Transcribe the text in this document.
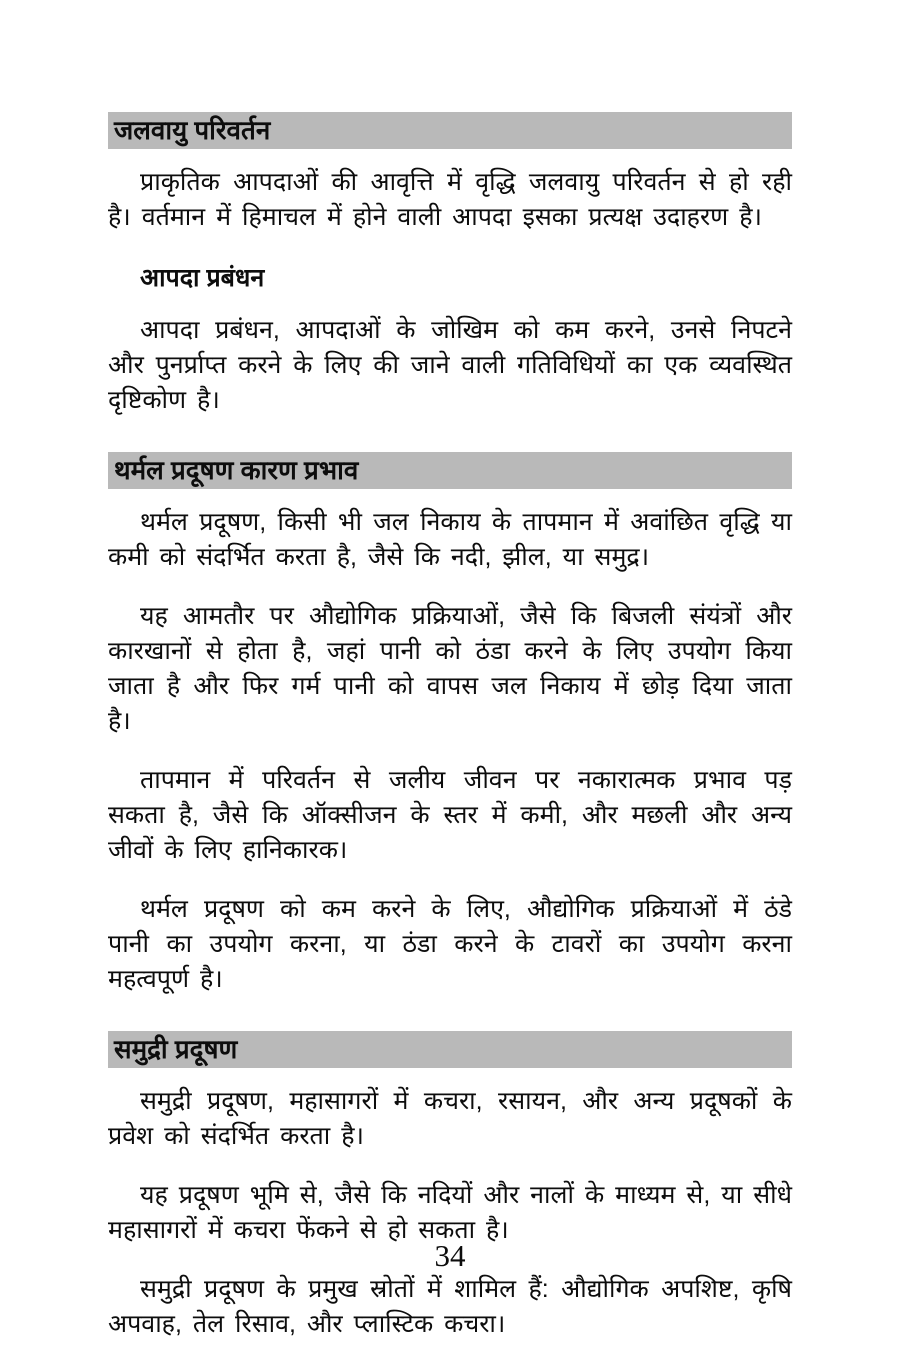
जलवायु परिवर्तन

प्राकृतिक आपदाओं की आवृत्ति में वृद्धि जलवायु परिवर्तन से हो रही है। वर्तमान में हिमाचल में होने वाली आपदा इसका प्रत्यक्ष उदाहरण है।

आपदा प्रबंधन

आपदा प्रबंधन, आपदाओं के जोखिम को कम करने, उनसे निपटने और पुनर्प्राप्त करने के लिए की जाने वाली गतिविधियों का एक व्यवस्थित दृष्टिकोण है।

थर्मल प्रदूषण कारण प्रभाव

थर्मल प्रदूषण, किसी भी जल निकाय के तापमान में अवांछित वृद्धि या कमी को संदर्भित करता है, जैसे कि नदी, झील, या समुद्र।

यह आमतौर पर औद्योगिक प्रक्रियाओं, जैसे कि बिजली संयंत्रों और कारखानों से होता है, जहां पानी को ठंडा करने के लिए उपयोग किया जाता है और फिर गर्म पानी को वापस जल निकाय में छोड़ दिया जाता है।

तापमान में परिवर्तन से जलीय जीवन पर नकारात्मक प्रभाव पड़ सकता है, जैसे कि ऑक्सीजन के स्तर में कमी, और मछली और अन्य जीवों के लिए हानिकारक।

थर्मल प्रदूषण को कम करने के लिए, औद्योगिक प्रक्रियाओं में ठंडे पानी का उपयोग करना, या ठंडा करने के टावरों का उपयोग करना महत्वपूर्ण है।

समुद्री प्रदूषण

समुद्री प्रदूषण, महासागरों में कचरा, रसायन, और अन्य प्रदूषकों के प्रवेश को संदर्भित करता है।

यह प्रदूषण भूमि से, जैसे कि नदियों और नालों के माध्यम से, या सीधे महासागरों में कचरा फेंकने से हो सकता है।

समुद्री प्रदूषण के प्रमुख स्रोतों में शामिल हैं: औद्योगिक अपशिष्ट, कृषि अपवाह, तेल रिसाव, और प्लास्टिक कचरा।

34
